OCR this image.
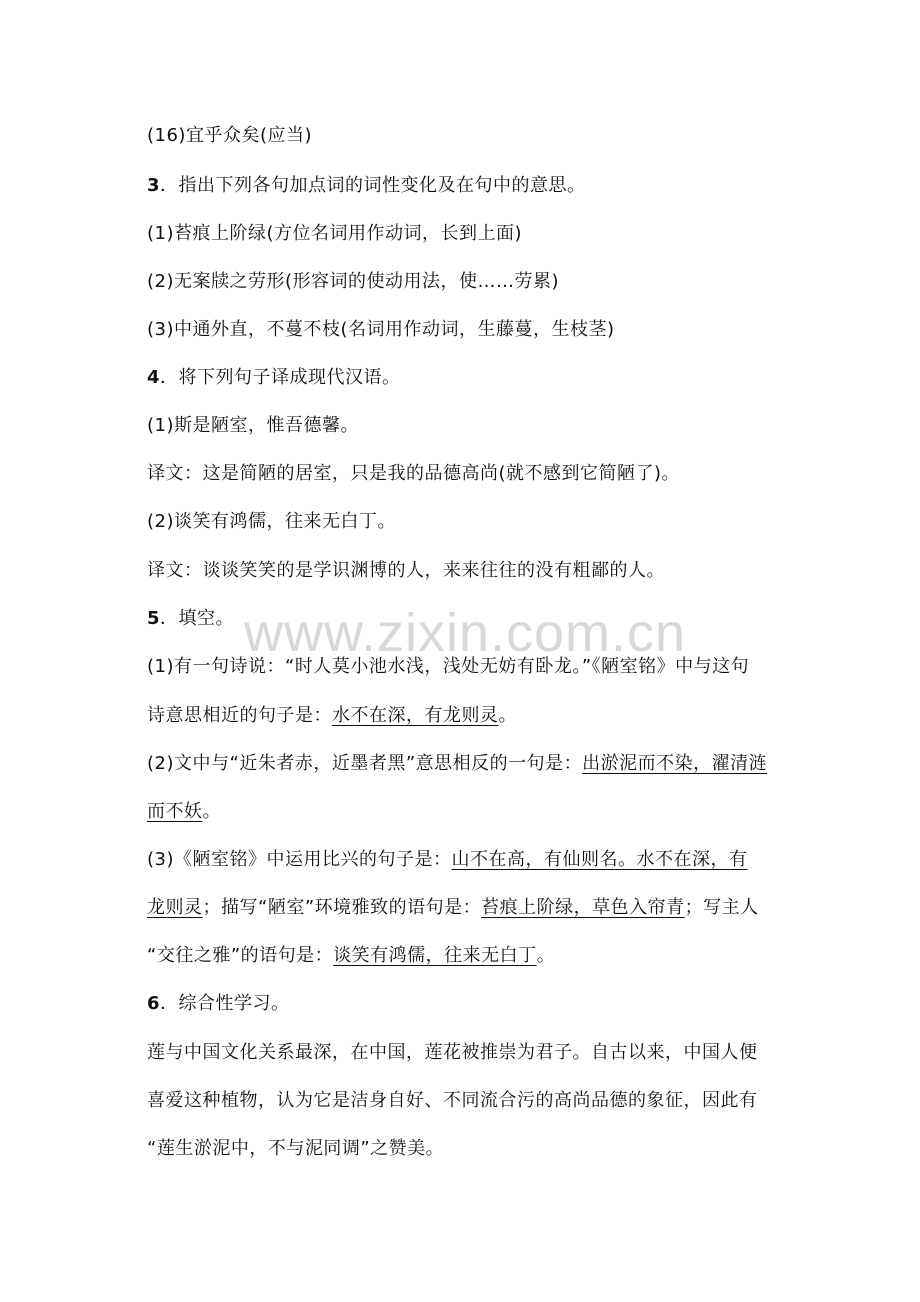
(16)宜乎众矣(应当)
3．指出下列各句加点词的词性变化及在句中的意思。
(1)苔痕上阶绿(方位名词用作动词，长到上面)
(2)无案牍之劳形(形容词的使动用法，使……劳累)
(3)中通外直，不蔓不枝(名词用作动词，生藤蔓，生枝茎)
4．将下列句子译成现代汉语。
(1)斯是陋室，惟吾德馨。
译文：这是简陋的居室，只是我的品德高尚(就不感到它简陋了)。
(2)谈笑有鸿儒，往来无白丁。
译文：谈谈笑笑的是学识渊博的人，来来往往的没有粗鄙的人。
5．填空。
(1)有一句诗说：“时人莫小池水浅，浅处无妨有卧龙。”《陋室铭》中与这句
诗意思相近的句子是：水不在深，有龙则灵。
(2)文中与“近朱者赤，近墨者黑”意思相反的一句是：出淤泥而不染，濯清涟
而不妖。
(3)《陋室铭》中运用比兴的句子是：山不在高，有仙则名。水不在深，有
龙则灵；描写“陋室”环境雅致的语句是：苔痕上阶绿，草色入帘青；写主人
“交往之雅”的语句是：谈笑有鸿儒，往来无白丁。
6．综合性学习。
莲与中国文化关系最深，在中国，莲花被推崇为君子。自古以来，中国人便
喜爱这种植物，认为它是洁身自好、不同流合污的高尚品德的象征，因此有
“莲生淤泥中，不与泥同调”之赞美。
www.zixin.com.cn
